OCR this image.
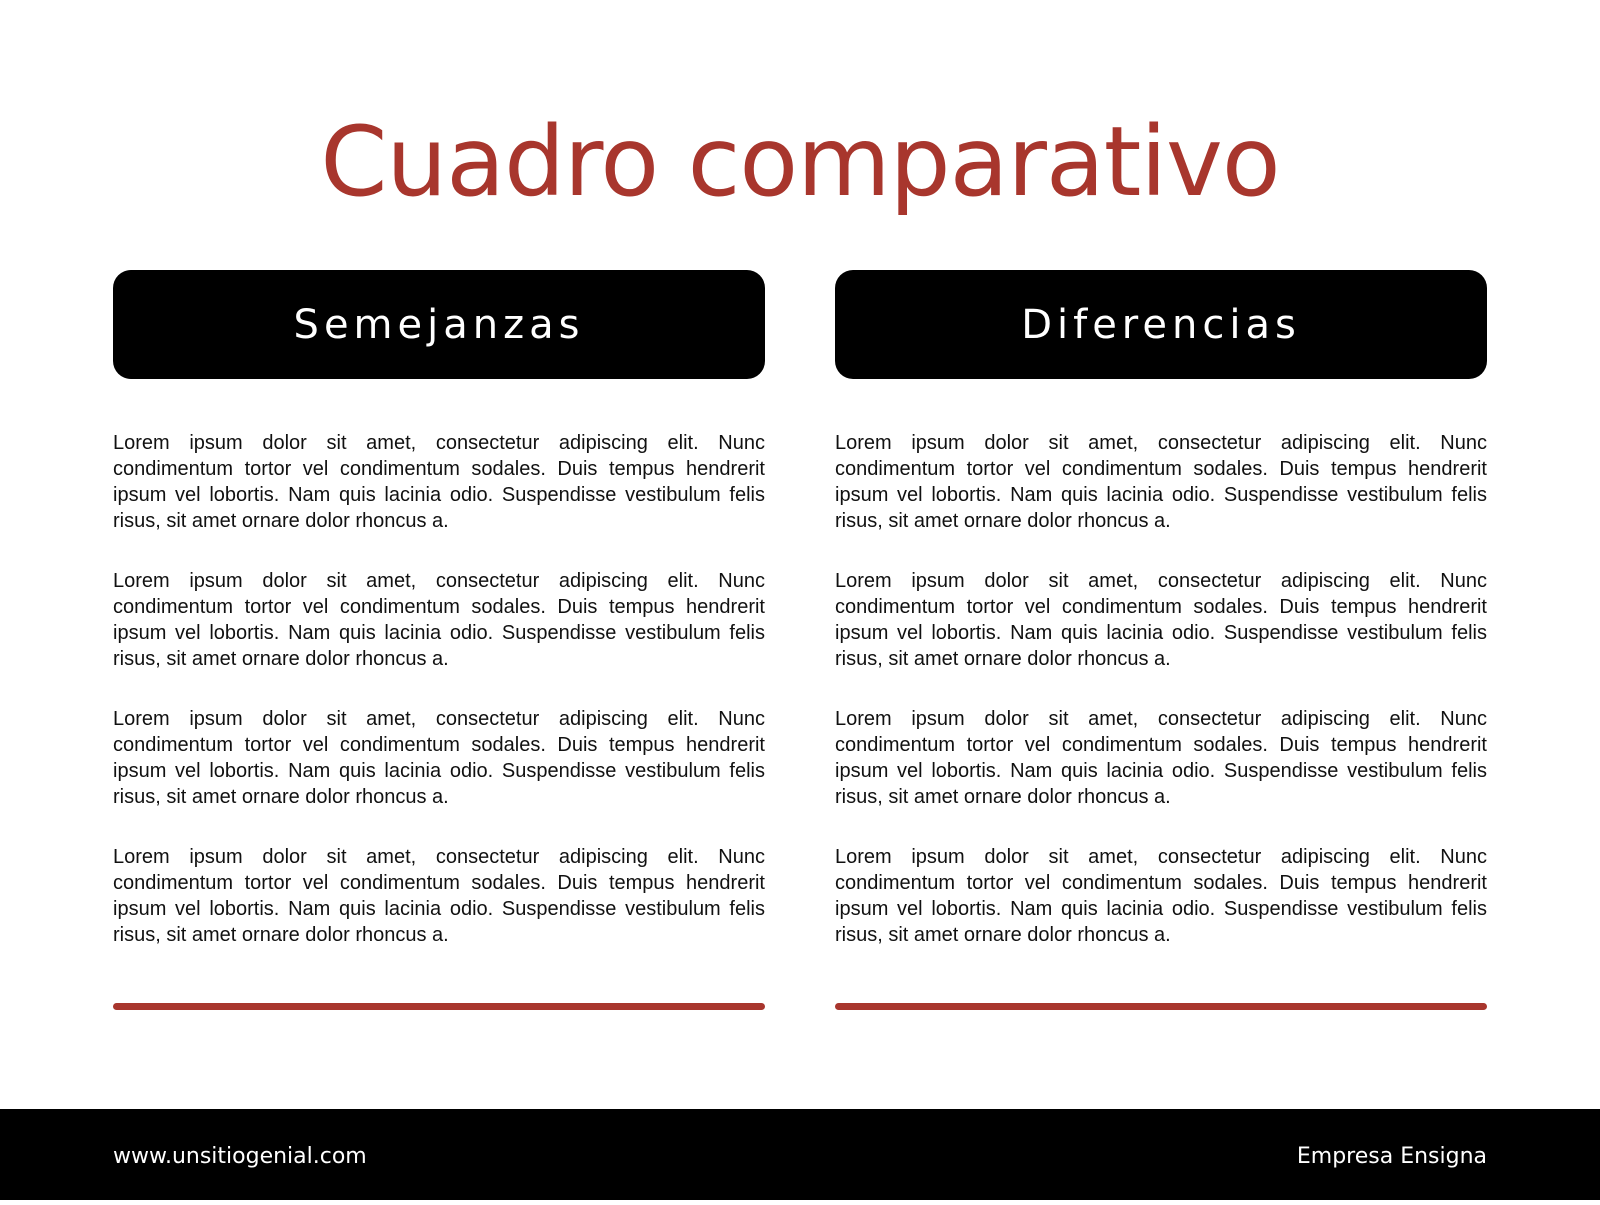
Cuadro comparativo
Semejanzas

Lorem ipsum dolor sit amet, consectetur adipiscing elit. Nunc condimentum tortor vel condimentum sodales. Duis tempus hendrerit ipsum vel lobortis. Nam quis lacinia odio. Suspendisse vestibulum felis risus, sit amet ornare dolor rhoncus a.

Lorem ipsum dolor sit amet, consectetur adipiscing elit. Nunc condimentum tortor vel condimentum sodales. Duis tempus hendrerit ipsum vel lobortis. Nam quis lacinia odio. Suspendisse vestibulum felis risus, sit amet ornare dolor rhoncus a.

Lorem ipsum dolor sit amet, consectetur adipiscing elit. Nunc condimentum tortor vel condimentum sodales. Duis tempus hendrerit ipsum vel lobortis. Nam quis lacinia odio. Suspendisse vestibulum felis risus, sit amet ornare dolor rhoncus a.

Lorem ipsum dolor sit amet, consectetur adipiscing elit. Nunc condimentum tortor vel condimentum sodales. Duis tempus hendrerit ipsum vel lobortis. Nam quis lacinia odio. Suspendisse vestibulum felis risus, sit amet ornare dolor rhoncus a.

Diferencias

Lorem ipsum dolor sit amet, consectetur adipiscing elit. Nunc condimentum tortor vel condimentum sodales. Duis tempus hendrerit ipsum vel lobortis. Nam quis lacinia odio. Suspendisse vestibulum felis risus, sit amet ornare dolor rhoncus a.

Lorem ipsum dolor sit amet, consectetur adipiscing elit. Nunc condimentum tortor vel condimentum sodales. Duis tempus hendrerit ipsum vel lobortis. Nam quis lacinia odio. Suspendisse vestibulum felis risus, sit amet ornare dolor rhoncus a.

Lorem ipsum dolor sit amet, consectetur adipiscing elit. Nunc condimentum tortor vel condimentum sodales. Duis tempus hendrerit ipsum vel lobortis. Nam quis lacinia odio. Suspendisse vestibulum felis risus, sit amet ornare dolor rhoncus a.

Lorem ipsum dolor sit amet, consectetur adipiscing elit. Nunc condimentum tortor vel condimentum sodales. Duis tempus hendrerit ipsum vel lobortis. Nam quis lacinia odio. Suspendisse vestibulum felis risus, sit amet ornare dolor rhoncus a.

www.unsitiogenial.com	Empresa Ensigna
